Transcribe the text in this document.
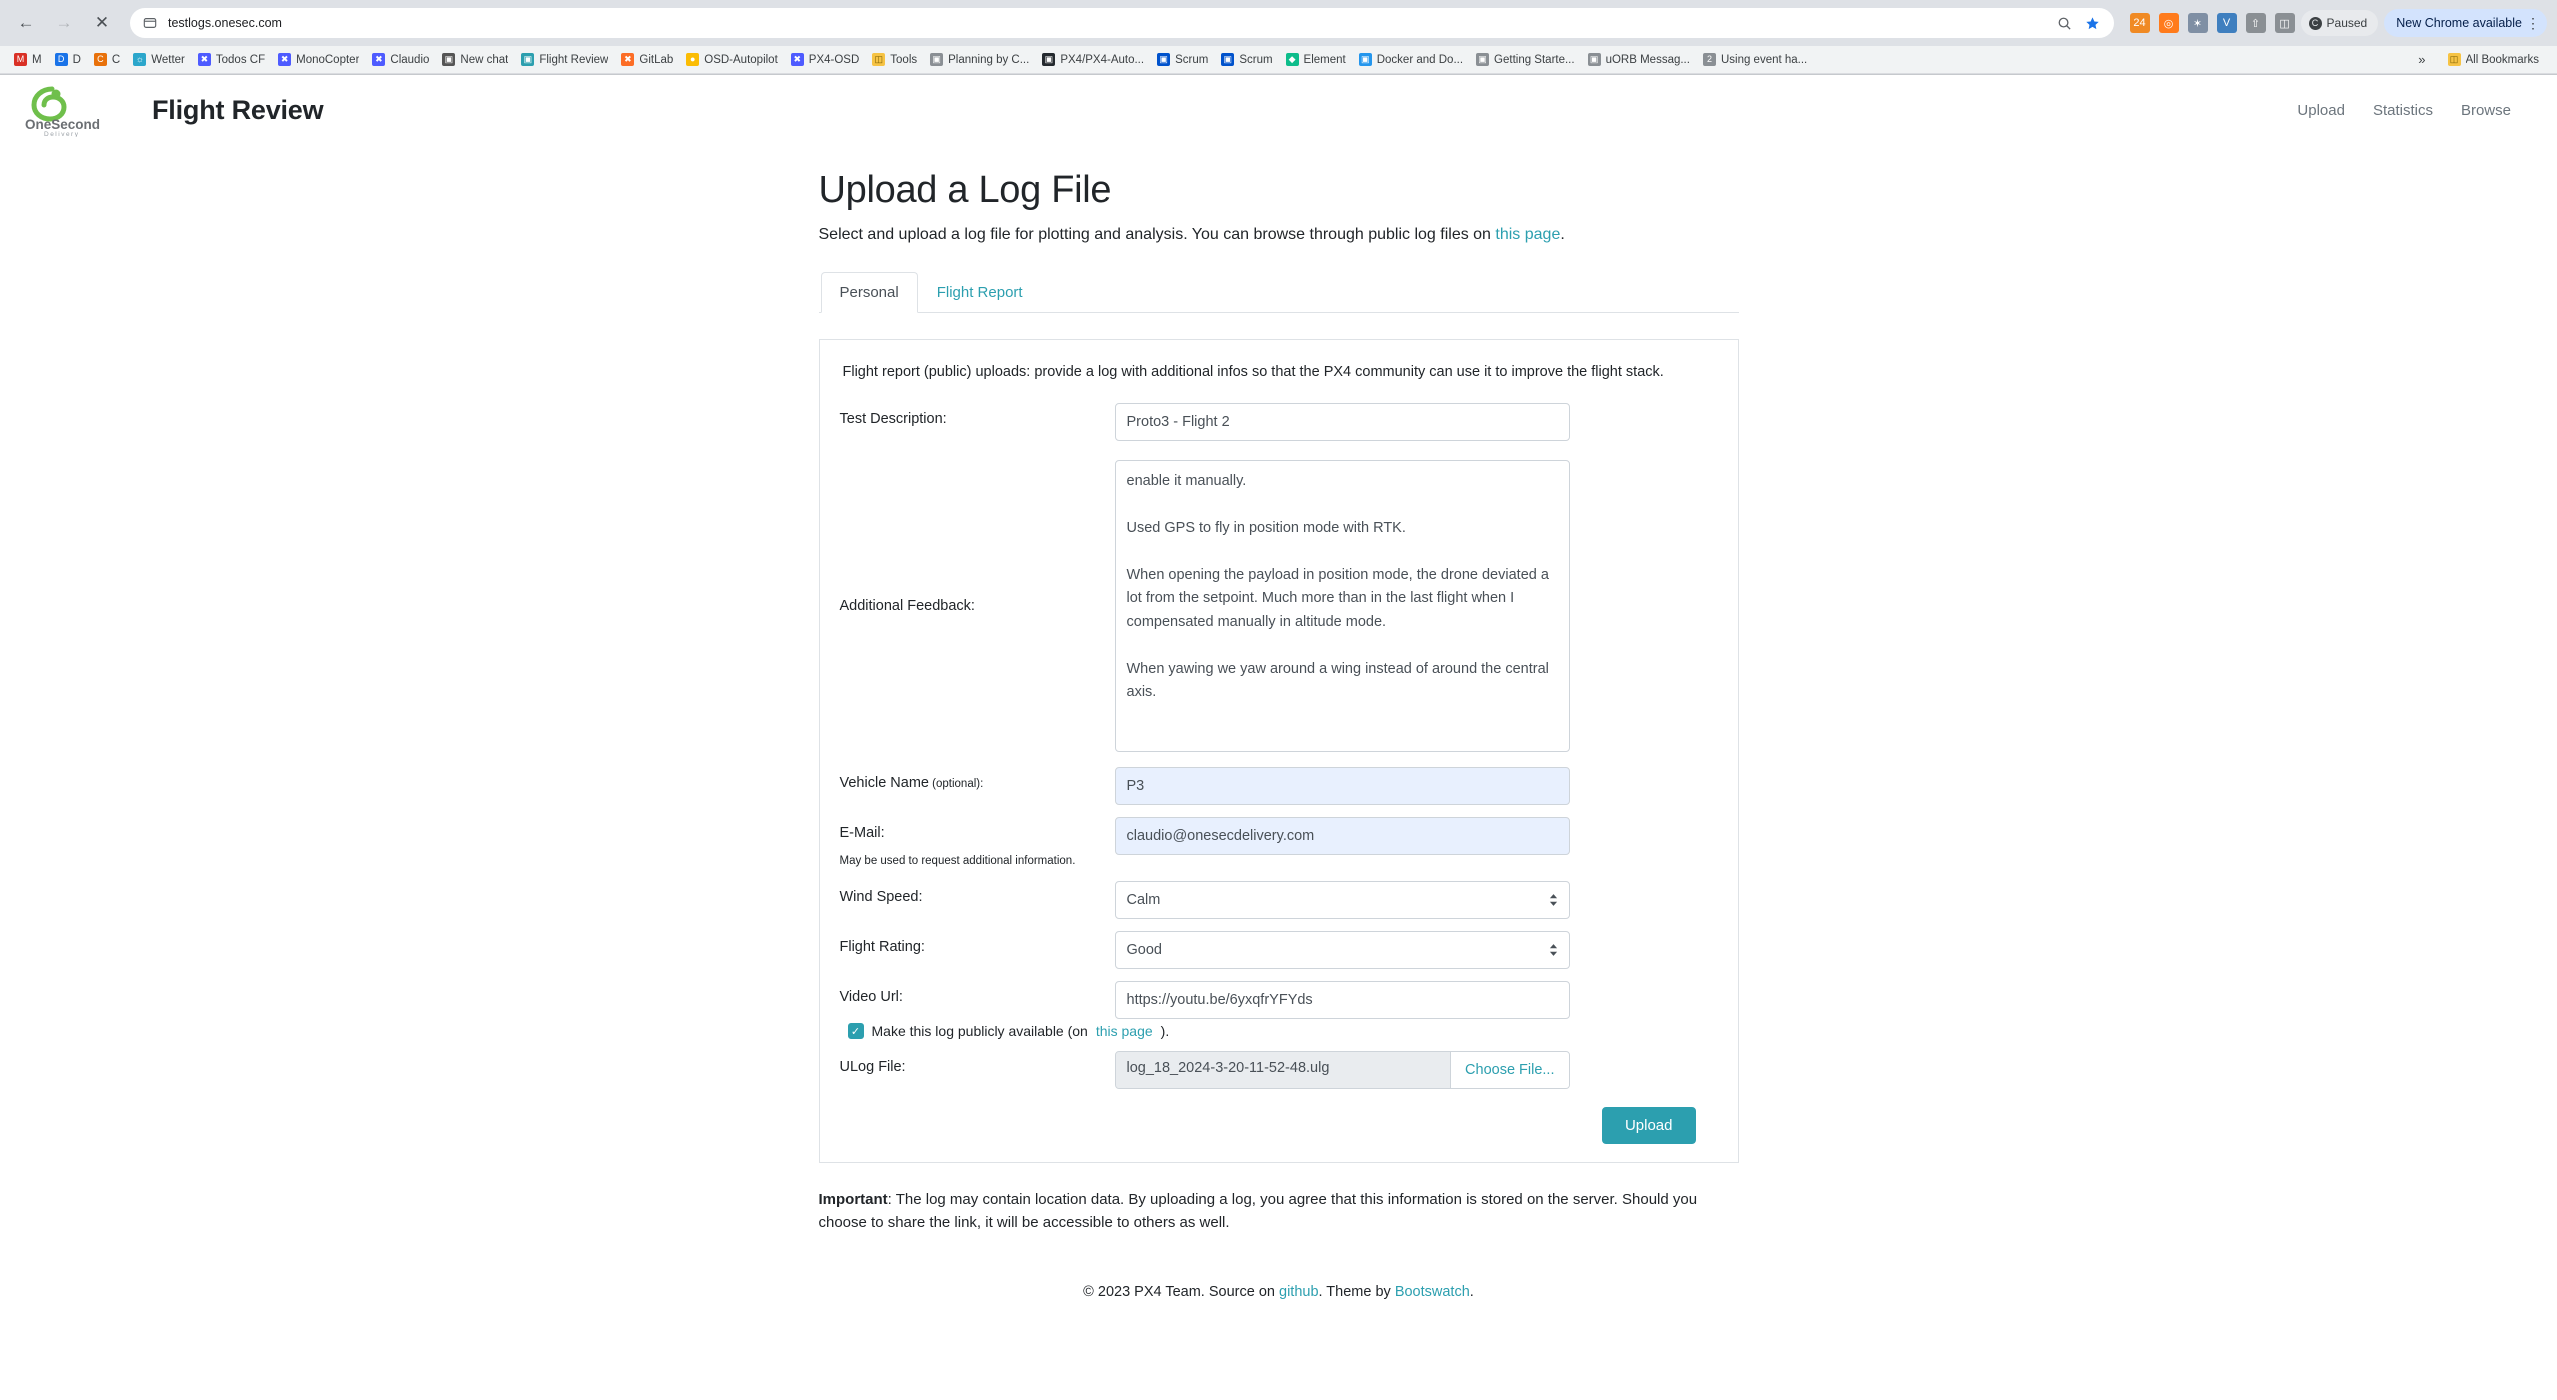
←	→	✕	testlogs.onesec.com	24	◎	✶	V	⇧	◫	C Paused New Chrome available ⋮
M M	D D	C C ☼ Wetter	✖ Todos CF	✖ MonoCopter	✖ Claudio ▣ New chat ▣ Flight Review	✖ GitLab	● OSD-Autopilot	✖ PX4-OSD ◫ Tools ▣ Planning by C... ▣ PX4/PX4-Auto... ▣ Scrum ▣ Scrum	◆ Element ▣ Docker and Do... ▣ Getting Starte... ▣ uORB Messag...	2 Using event ha...	»	◫ All Bookmarks
OneSecond
Delivery
Flight Review	Upload Statistics Browse
Upload a Log File

Select and upload a log file for plotting and analysis. You can browse through public log files on this page.

Personal	Flight Report

Flight report (public) uploads: provide a log with additional infos so that the PX4 community can use it to improve the flight stack.

Test Description:
Proto3 - Flight 2
Additional Feedback:
enable it manually. Used GPS to fly in position mode with RTK. When opening the payload in position mode, the drone deviated a lot from the setpoint. Much more than in the last flight when I compensated manually in altitude mode. When yawing we yaw around a wing instead of around the central axis.
Vehicle Name (optional):
P3
E-Mail:
claudio@onesecdelivery.com
May be used to request additional information.
Wind Speed:
Calm
Flight Rating:
Good
Video Url:
https://youtu.be/6yxqfrYFYds
✓ Make this log publicly available (on this page ).
ULog File:	log_18_2024-3-20-11-52-48.ulg	Choose File...
Upload

Important: The log may contain location data. By uploading a log, you agree that this information is stored on the server. Should you choose to share the link, it will be accessible to others as well.

© 2023 PX4 Team. Source on github. Theme by Bootswatch.
